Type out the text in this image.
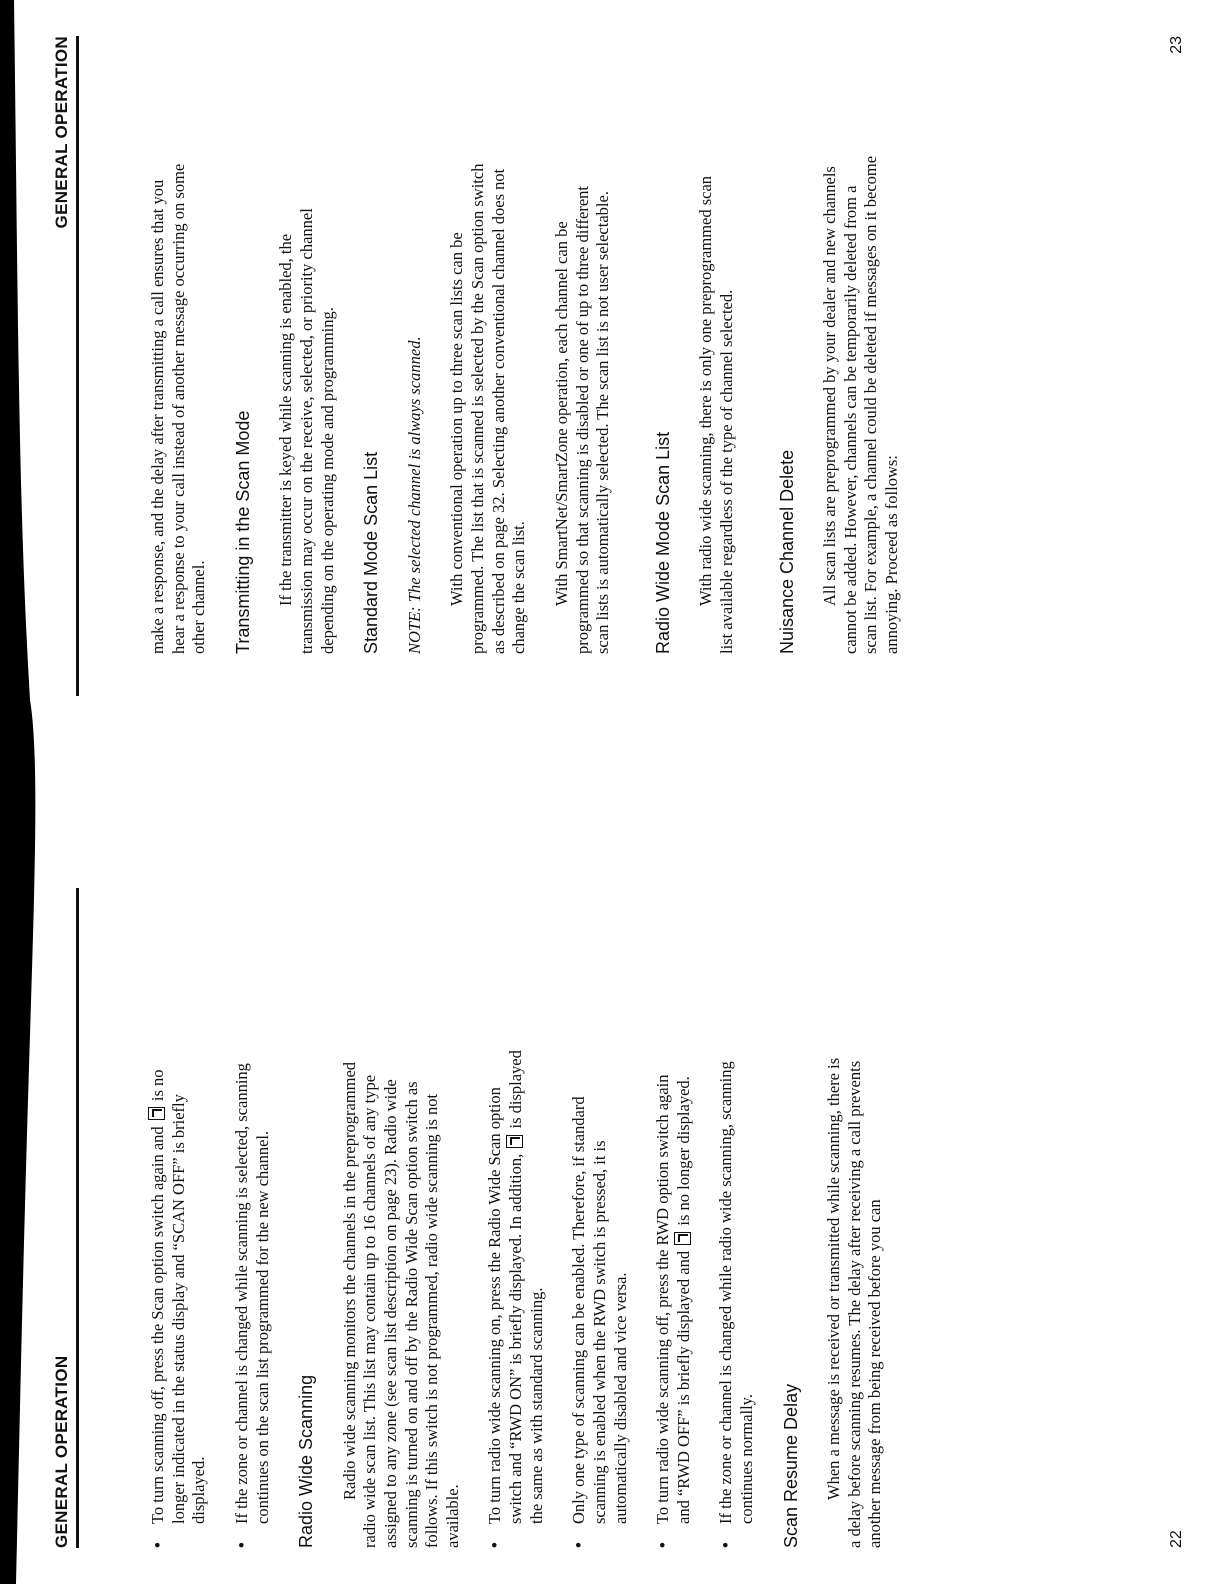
GENERAL OPERATION	• To turn scanning off, press the Scan option switch again and  is no longer indicated in the status display and “SCAN OFF” is briefly displayed. • If the zone or channel is changed while scanning is selected, scanning continues on the scan list programmed for the new channel. Radio Wide Scanning Radio wide scanning monitors the channels in the preprogrammed radio wide scan list. This list may contain up to 16 channels of any type assigned to any zone (see scan list description on page 23). Radio wide scanning is turned on and off by the Radio Wide Scan option switch as follows. If this switch is not programmed, radio wide scanning is not available. • To turn radio wide scanning on, press the Radio Wide Scan option switch and “RWD ON” is briefly displayed. In addition,  is displayed the same as with standard scanning. • Only one type of scanning can be enabled. Therefore, if standard scanning is enabled when the RWD switch is pressed, it is automatically disabled and vice versa. • To turn radio wide scanning off, press the RWD option switch again and “RWD OFF” is briefly displayed and  is no longer displayed. • If the zone or channel is changed while radio wide scanning, scanning continues normally. Scan Resume Delay When a message is received or transmitted while scanning, there is a delay before scanning resumes. The delay after receiving a call prevents another message from being received before you can	22
GENERAL OPERATION

make a response, and the delay after transmitting a call ensures that you hear a response to your call instead of another message occurring on some other channel. Transmitting in the Scan Mode If the transmitter is keyed while scanning is enabled, the transmission may occur on the receive, selected, or priority channel depending on the operating mode and programming. Standard Mode Scan List NOTE: The selected channel is always scanned. With conventional operation up to three scan lists can be programmed. The list that is scanned is selected by the Scan option switch as described on page 32. Selecting another conventional channel does not change the scan list. With SmartNet/SmartZone operation, each channel can be programmed so that scanning is disabled or one of up to three different scan lists is automatically selected. The scan list is not user selectable. Radio Wide Mode Scan List With radio wide scanning, there is only one preprogrammed scan list available regardless of the type of channel selected. Nuisance Channel Delete All scan lists are preprogrammed by your dealer and new channels cannot be added. However, channels can be temporarily deleted from a scan list. For example, a channel could be deleted if messages on it become annoying. Proceed as follows:

23
